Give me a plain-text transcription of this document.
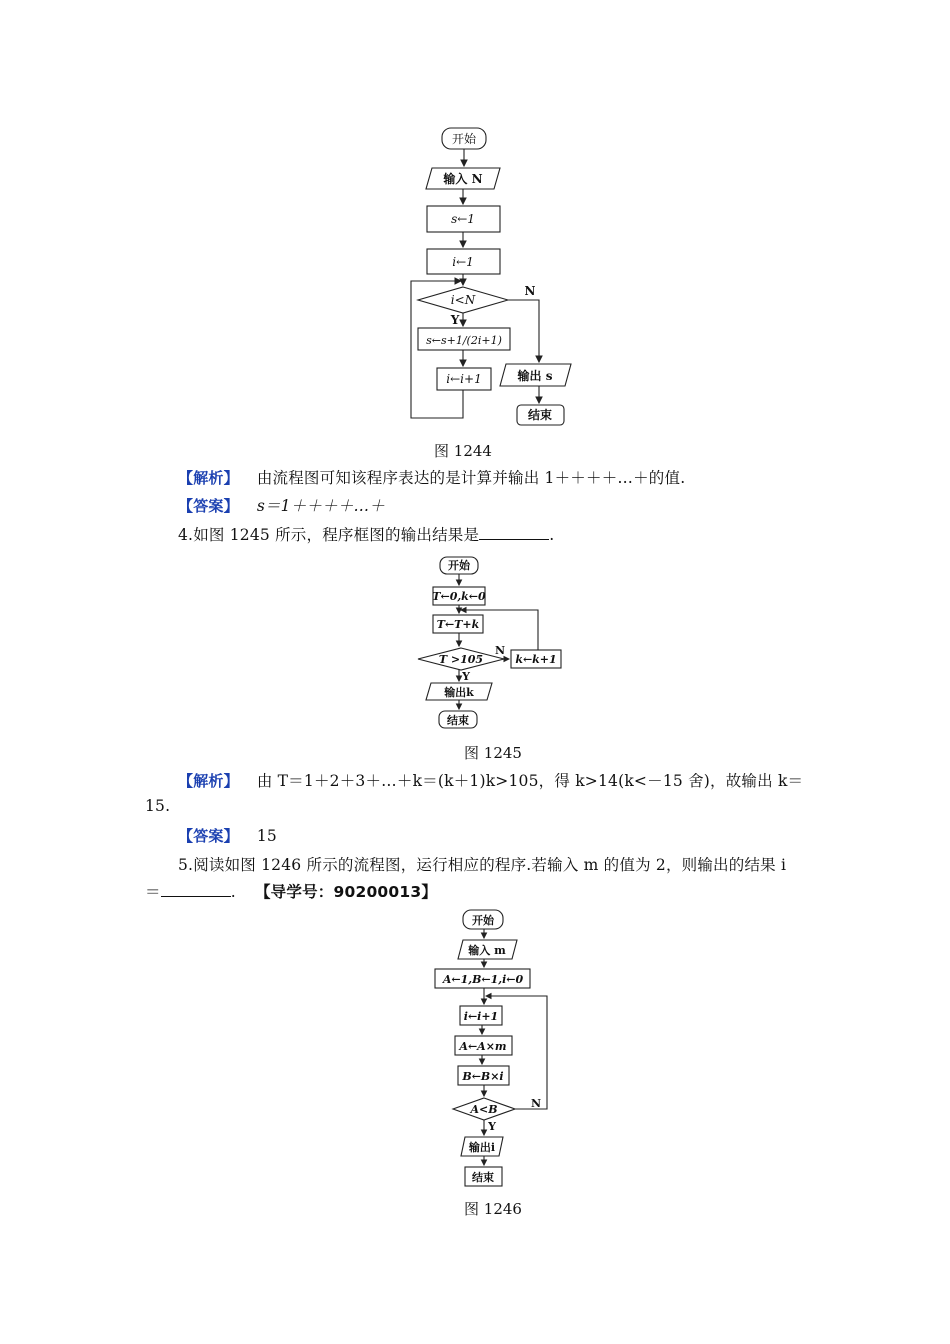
开始
输入 N
s←1
i←1
i<N
s←s+1/(2i+1)
i←i+1	输出 s
结束
Y
N
图 1244
【解析】 由流程图可知该程序表达的是计算并输出 1＋＋＋＋…＋的值.
【答案】 s＝1＋＋＋＋…＋
4.如图 1245 所示，程序框图的输出结果是	.
开始
T←0,k←0
T←T+k
T >105	k←k+1
输出k
结束
Y
N
图 1245
【解析】 由 T＝1＋2＋3＋…＋k＝(k＋1)k>105，得 k>14(k<－15 舍)，故输出 k＝
15.
【答案】 15
5.阅读如图 1246 所示的流程图，运行相应的程序.若输入 m 的值为 2，则输出的结果 i
＝	. 【导学号：90200013】
开始
输入 m
A←1,B←1,i←0
i←i+1
A←A×m
B←B×i
A<B
输出i
结束
Y
N
图 1246
